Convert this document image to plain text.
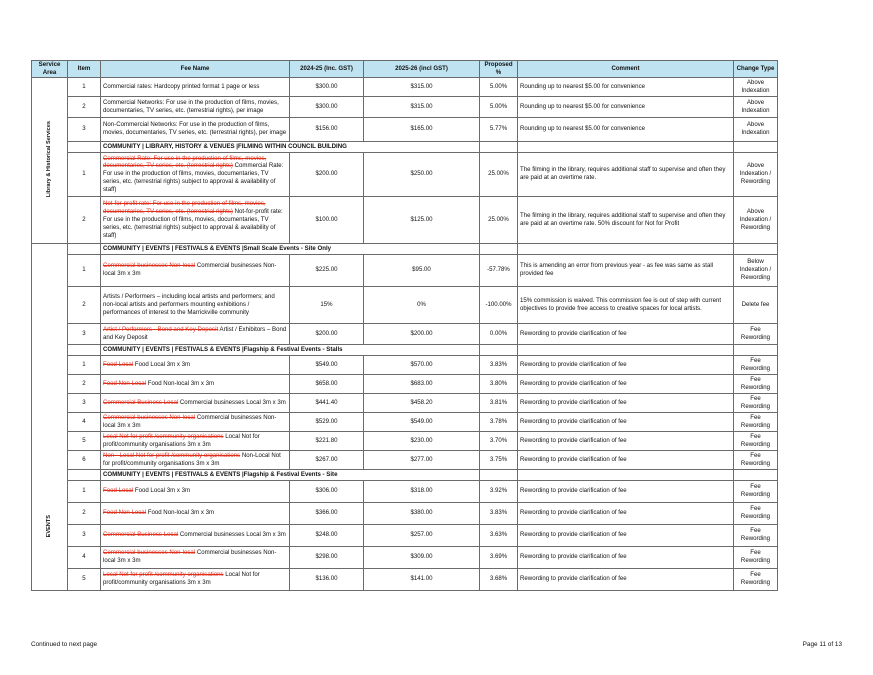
Service Area	Item	Fee Name	2024-25 (Inc. GST)	2025-26 (incl GST)	Proposed %	Comment	Change Type
Library & Historical Services	1	Commercial rates: Hardcopy printed format 1 page or less	$300.00	$315.00	5.00%	Rounding up to nearest $5.00 for convenience	Above Indexation
	2	Commercial Networks: For use in the production of films, movies, documentaries, TV series, etc. (terrestrial rights), per image	$300.00	$315.00	5.00%	Rounding up to nearest $5.00 for convenience	Above Indexation
	3	Non-Commercial Networks: For use in the production of films, movies, documentaries, TV series, etc. (terrestrial rights), per image	$156.00	$165.00	5.77%	Rounding up to nearest $5.00 for convenience	Above Indexation
		COMMUNITY | LIBRARY, HISTORY & VENUES |FILMING WITHIN COUNCIL BUILDING					
	1	Commercial Rate: For use in the production of films, movies, documentaries, TV series, etc. (terrestrial rights) Commercial Rate: For use in the production of films, movies, documentaries, TV series, etc. (terrestrial rights) subject to approval & availability of staff)	$200.00	$250.00	25.00%	The filming in the library, requires additional staff to supervise and often they are paid at an overtime rate.	Above Indexation / Rewording
	2	Not-for-profit rate: For use in the production of films, movies, documentaries, TV series, etc. (terrestrial rights) Not-for-profit rate: For use in the production of films, movies, documentaries, TV series, etc. (terrestrial rights) subject to approval & availability of staff)	$100.00	$125.00	25.00%	The filming in the library, requires additional staff to supervise and often they are paid at an overtime rate. 50% discount for Not for Profit	Above Indexation / Rewording
EVENTS		COMMUNITY | EVENTS | FESTIVALS & EVENTS |Small Scale Events - Site Only					
	1	Commercial businesses Non-local Commercial businesses Non-local 3m x 3m	$225.00	$95.00	-57.78%	This is amending an error from previous year - as fee was same as stall provided fee	Below Indexation / Rewording
	2	Artists / Performers – including local artists and performers; and non-local artists and performers mounting exhibitions / performances of interest to the Marrickville community	15%	0%	-100.00%	15% commission is waived. This commission fee is out of step with current objectives to provide free access to creative spaces for local artists.	Delete fee
	3	Artist / Performers - Bond and Key Deposit Artist / Exhibitors – Bond and Key Deposit	$200.00	$200.00	0.00%	Rewording to provide clarification of fee	Fee Rewording
		COMMUNITY | EVENTS | FESTIVALS & EVENTS |Flagship & Festival Events - Stalls					
	1	Food Local Food Local 3m x 3m	$549.00	$570.00	3.83%	Rewording to provide clarification of fee	Fee Rewording
	2	Food Non Local Food Non-local 3m x 3m	$658.00	$683.00	3.80%	Rewording to provide clarification of fee	Fee Rewording
	3	Commercial Business Local Commercial businesses Local 3m x 3m	$441.40	$458.20	3.81%	Rewording to provide clarification of fee	Fee Rewording
	4	Commercial businesses Non-local Commercial businesses Non-local 3m x 3m	$529.00	$549.00	3.78%	Rewording to provide clarification of fee	Fee Rewording
	5	Local Not for profit /community organisations Local Not for profit/community organisations 3m x 3m	$221.80	$230.00	3.70%	Rewording to provide clarification of fee	Fee Rewording
	6	Non - Local Not for profit /community organisations Non-Local Not for profit/community organisations 3m x 3m	$267.00	$277.00	3.75%	Rewording to provide clarification of fee	Fee Rewording
		COMMUNITY | EVENTS | FESTIVALS & EVENTS |Flagship & Festival Events - Site					
	1	Food Local Food Local 3m x 3m	$306.00	$318.00	3.92%	Rewording to provide clarification of fee	Fee Rewording
	2	Food Non Local Food Non-local 3m x 3m	$366.00	$380.00	3.83%	Rewording to provide clarification of fee	Fee Rewording
	3	Commercial Business Local Commercial businesses Local 3m x 3m	$248.00	$257.00	3.63%	Rewording to provide clarification of fee	Fee Rewording
	4	Commercial businesses Non-local Commercial businesses Non-local 3m x 3m	$298.00	$309.00	3.69%	Rewording to provide clarification of fee	Fee Rewording
	5	Local Not for profit /community organisations Local Not for profit/community organisations 3m x 3m	$136.00	$141.00	3.68%	Rewording to provide clarification of fee	Fee Rewording
Continued to next page	Page 11 of 13
